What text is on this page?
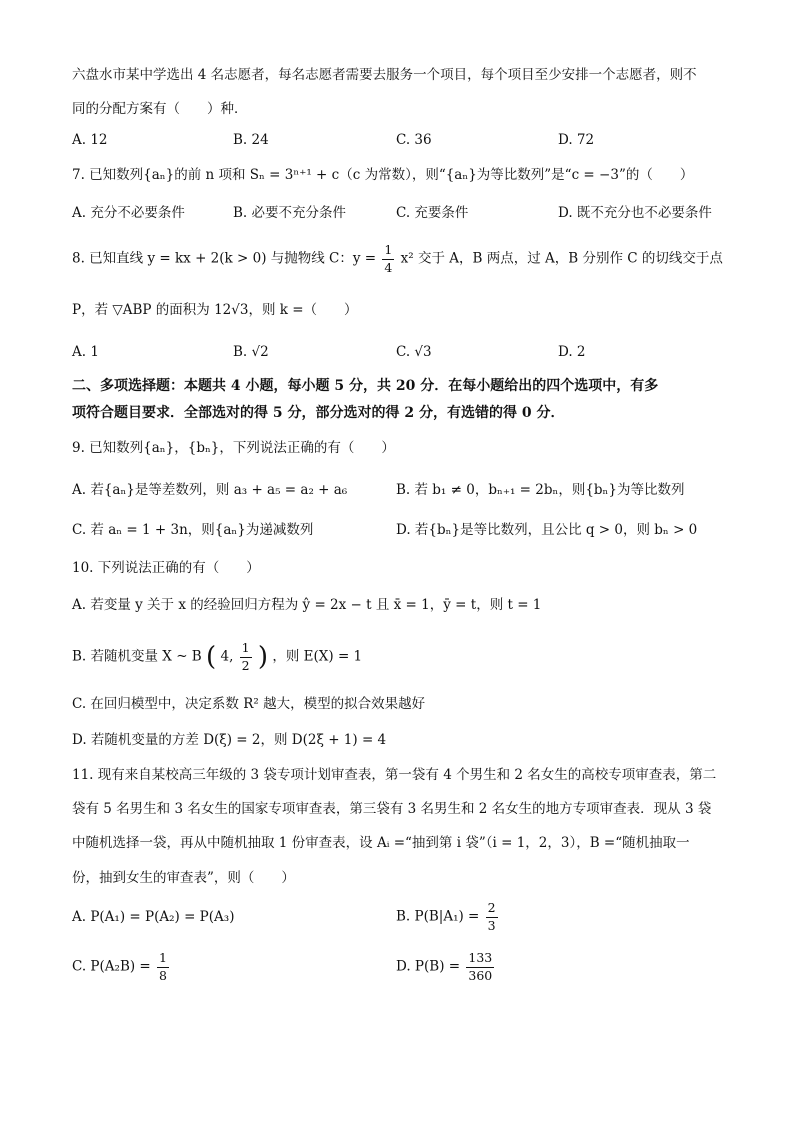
六盘水市某中学选出 4 名志愿者，每名志愿者需要去服务一个项目，每个项目至少安排一个志愿者，则不
同的分配方案有（　　）种．
A. 12	B. 24	C. 36	D. 72
7. 已知数列{aₙ}的前 n 项和 Sₙ = 3ⁿ⁺¹ + c（c 为常数），则“{aₙ}为等比数列”是“c = −3”的（　　）
A. 充分不必要条件	B. 必要不充分条件	C. 充要条件	D. 既不充分也不必要条件
8. 已知直线 y = kx + 2(k > 0) 与抛物线 C：$y = \frac{1}{4} x^2$ 交于 A，B 两点，过 A，B 分别作 C 的切线交于点
P，若 ▽ABP 的面积为 12√3，则 k =（　　）
A. 1	B. √2	C. √3	D. 2
二、多项选择题：本题共 4 小题，每小题 5 分，共 20 分．在每小题给出的四个选项中，有多
项符合题目要求．全部选对的得 5 分，部分选对的得 2 分，有选错的得 0 分．
9. 已知数列{aₙ}，{bₙ}，下列说法正确的有（　　）
A. 若{aₙ}是等差数列，则 a₃ + a₅ = a₂ + a₆	B. 若 b₁ ≠ 0，bₙ₊₁ = 2bₙ，则{bₙ}为等比数列
C. 若 aₙ = 1 + 3n，则{aₙ}为递减数列	D. 若{bₙ}是等比数列，且公比 q > 0，则 bₙ > 0
10. 下列说法正确的有（　　）
A. 若变量 y 关于 x 的经验回归方程为 ŷ = 2x − t 且 x̄ = 1，ȳ = t，则 t = 1
B. 若随机变量 X ~ B ( 4, $\frac{1}{2}$ ) ，则 E(X) = 1
C. 在回归模型中，决定系数 R² 越大，模型的拟合效果越好
D. 若随机变量的方差 D(ξ) = 2，则 D(2ξ + 1) = 4
11. 现有来自某校高三年级的 3 袋专项计划审查表，第一袋有 4 个男生和 2 名女生的高校专项审查表，第二
袋有 5 名男生和 3 名女生的国家专项审查表，第三袋有 3 名男生和 2 名女生的地方专项审查表．现从 3 袋
中随机选择一袋，再从中随机抽取 1 份审查表，设 Aᵢ =“抽到第 i 袋”（i = 1，2，3），B =“随机抽取一
份，抽到女生的审查表”，则（　　）
A. P(A₁) = P(A₂) = P(A₃)	B. $P(B|A_1) = \frac{2}{3}$
C. $P(A_2B) = \frac{1}{8}$	D. $P(B) = \frac{133}{360}$
